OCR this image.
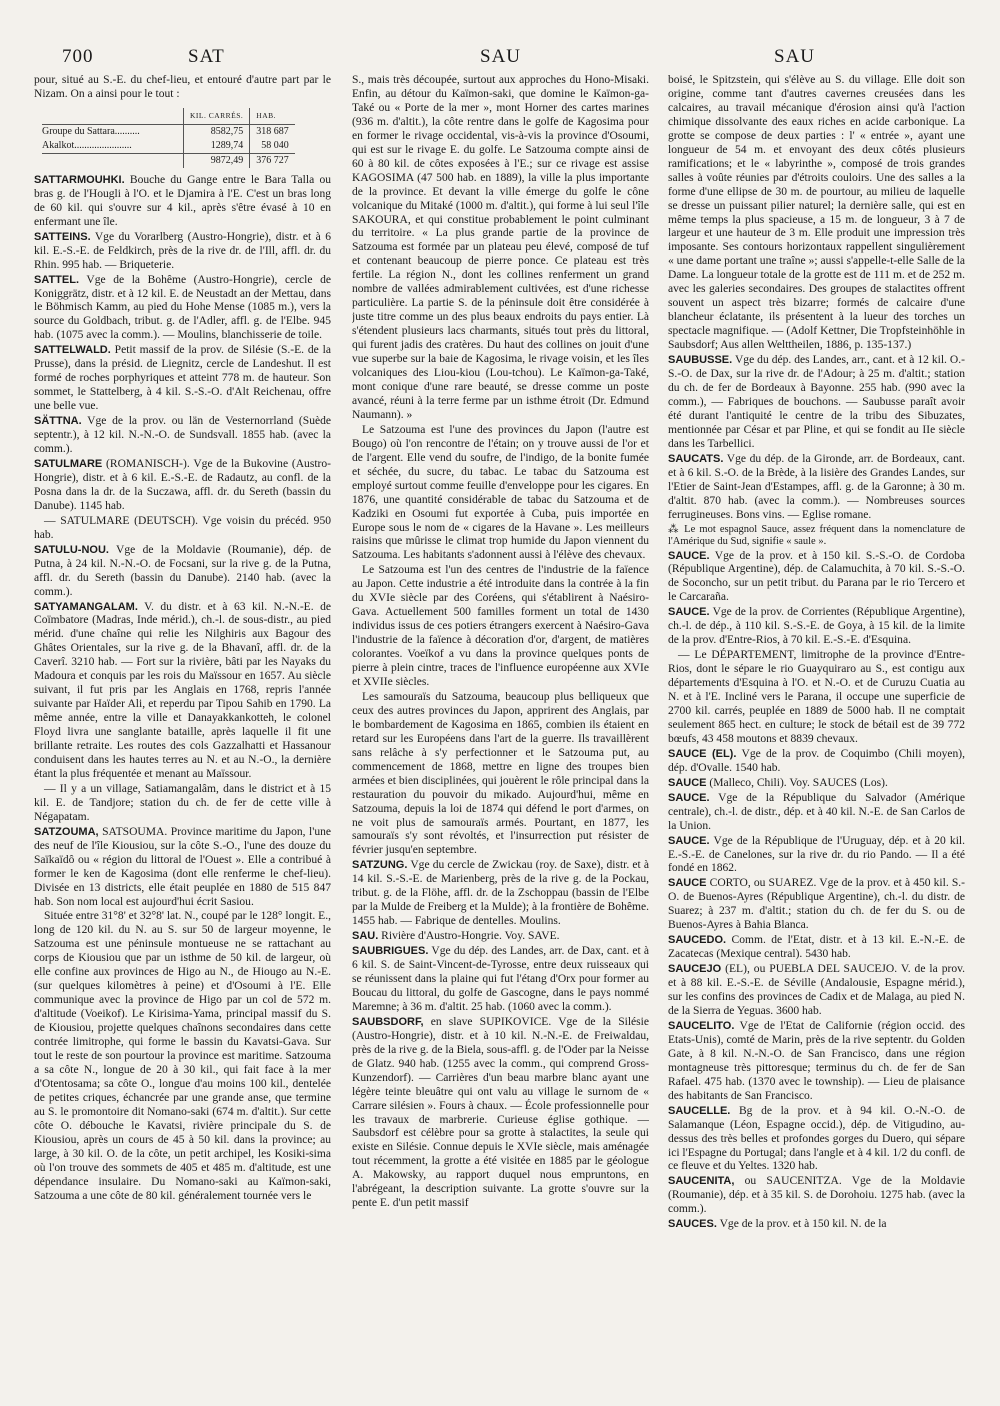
700	SAT	SAU	SAU

pour, situé au S.-E. du chef-lieu, et entouré d'autre part par le Nizam. On a ainsi pour le tout :

	KIL. CARRÉS.	HAB.
Groupe du Sattara..........	8582,75	318 687
Akalkot.......................	1289,74	58 040
	9872,49	376 727

SATTARMOUHKI. Bouche du Gange entre le Bara Talla ou bras g. de l'Hougli à l'O. et le Djamira à l'E. C'est un bras long de 60 kil. qui s'ouvre sur 4 kil., après s'être évasé à 10 en enfermant une île.

SATTEINS. Vge du Vorarlberg (Austro-Hongrie), distr. et à 6 kil. E.-S.-E. de Feldkirch, près de la rive dr. de l'Ill, affl. dr. du Rhin. 995 hab. — Briqueterie.

SATTEL. Vge de la Bohême (Austro-Hongrie), cercle de Koniggrätz, distr. et à 12 kil. E. de Neustadt an der Mettau, dans le Böhmisch Kamm, au pied du Hohe Mense (1085 m.), vers la source du Goldbach, tribut. g. de l'Adler, affl. g. de l'Elbe. 945 hab. (1075 avec la comm.). — Moulins, blanchisserie de toile.

SATTELWALD. Petit massif de la prov. de Silésie (S.-E. de la Prusse), dans la présid. de Liegnitz, cercle de Landeshut. Il est formé de roches porphyriques et atteint 778 m. de hauteur. Son sommet, le Stattelberg, à 4 kil. S.-S.-O. d'Alt Reichenau, offre une belle vue.

SÄTTNA. Vge de la prov. ou län de Vesternorrland (Suède septentr.), à 12 kil. N.-N.-O. de Sundsvall. 1855 hab. (avec la comm.).

SATULMARE (ROMANISCH-). Vge de la Bukovine (Austro-Hongrie), distr. et à 6 kil. E.-S.-E. de Radautz, au confl. de la Posna dans la dr. de la Suczawa, affl. dr. du Sereth (bassin du Danube). 1145 hab.

— SATULMARE (DEUTSCH). Vge voisin du précéd. 950 hab.

SATULU-NOU. Vge de la Moldavie (Roumanie), dép. de Putna, à 24 kil. N.-N.-O. de Focsani, sur la rive g. de la Putna, affl. dr. du Sereth (bassin du Danube). 2140 hab. (avec la comm.).

SATYAMANGALAM. V. du distr. et à 63 kil. N.-N.-E. de Coïmbatore (Madras, Inde mérid.), ch.-l. de sous-distr., au pied mérid. d'une chaîne qui relie les Nilghiris aux Bagour des Ghâtes Orientales, sur la rive g. de la Bhavanî, affl. dr. de la Caverî. 3210 hab. — Fort sur la rivière, bâti par les Nayaks du Madoura et conquis par les rois du Maïssour en 1657. Au siècle suivant, il fut pris par les Anglais en 1768, repris l'année suivante par Haïder Ali, et reperdu par Tipou Sahib en 1790. La même année, entre la ville et Danayakkankotteh, le colonel Floyd livra une sanglante bataille, après laquelle il fit une brillante retraite. Les routes des cols Gazzalhatti et Hassanour conduisent dans les hautes terres au N. et au N.-O., la dernière étant la plus fréquentée et menant au Maïssour.

— Il y a un village, Satiamangalâm, dans le district et à 15 kil. E. de Tandjore; station du ch. de fer de cette ville à Négapatam.

SATZOUMA, SATSOUMA. Province maritime du Japon, l'une des neuf de l'île Kiousiou, sur la côte S.-O., l'une des douze du Saïkaïdô ou « région du littoral de l'Ouest ». Elle a contribué à former le ken de Kagosima (dont elle renferme le chef-lieu). Divisée en 13 districts, elle était peuplée en 1880 de 515 847 hab. Son nom local est aujourd'hui écrit Sasiou.

Située entre 31°8' et 32°8' lat. N., coupé par le 128° longit. E., long de 120 kil. du N. au S. sur 50 de largeur moyenne, le Satzouma est une péninsule montueuse ne se rattachant au corps de Kiousiou que par un isthme de 50 kil. de largeur, où elle confine aux provinces de Higo au N., de Hiougo au N.-E. (sur quelques kilomètres à peine) et d'Osoumi à l'E. Elle communique avec la province de Higo par un col de 572 m. d'altitude (Voeikof). Le Kirisima-Yama, principal massif du S. de Kiousiou, projette quelques chaînons secondaires dans cette contrée limitrophe, qui forme le bassin du Kavatsi-Gava. Sur tout le reste de son pourtour la province est maritime. Satzouma a sa côte N., longue de 20 à 30 kil., qui fait face à la mer d'Otentosama; sa côte O., longue d'au moins 100 kil., dentelée de petites criques, échancrée par une grande anse, que termine au S. le promontoire dit Nomano-saki (674 m. d'altit.). Sur cette côte O. débouche le Kavatsi, rivière principale du S. de Kiousiou, après un cours de 45 à 50 kil. dans la province; au large, à 30 kil. O. de la côte, un petit archipel, les Kosiki-sima où l'on trouve des sommets de 405 et 485 m. d'altitude, est une dépendance insulaire. Du Nomano-saki au Kaïmon-saki, Satzouma a une côte de 80 kil. généralement tournée vers le

S., mais très découpée, surtout aux approches du Hono-Misaki. Enfin, au détour du Kaïmon-saki, que domine le Kaïmon-ga-Také ou « Porte de la mer », mont Horner des cartes marines (936 m. d'altit.), la côte rentre dans le golfe de Kagosima pour en former le rivage occidental, vis-à-vis la province d'Osoumi, qui est sur le rivage E. du golfe. Le Satzouma compte ainsi de 60 à 80 kil. de côtes exposées à l'E.; sur ce rivage est assise KAGOSIMA (47 500 hab. en 1889), la ville la plus importante de la province. Et devant la ville émerge du golfe le cône volcanique du Mitaké (1000 m. d'altit.), qui forme à lui seul l'île SAKOURA, et qui constitue probablement le point culminant du territoire. « La plus grande partie de la province de Satzouma est formée par un plateau peu élevé, composé de tuf et contenant beaucoup de pierre ponce. Ce plateau est très fertile. La région N., dont les collines renferment un grand nombre de vallées admirablement cultivées, est d'une richesse particulière. La partie S. de la péninsule doit être considérée à juste titre comme un des plus beaux endroits du pays entier. Là s'étendent plusieurs lacs charmants, situés tout près du littoral, qui furent jadis des cratères. Du haut des collines on jouit d'une vue superbe sur la baie de Kagosima, le rivage voisin, et les îles volcaniques des Liou-kiou (Lou-tchou). Le Kaïmon-ga-Také, mont conique d'une rare beauté, se dresse comme un poste avancé, réuni à la terre ferme par un isthme étroit (Dr. Edmund Naumann). »

Le Satzouma est l'une des provinces du Japon (l'autre est Bougo) où l'on rencontre de l'étain; on y trouve aussi de l'or et de l'argent. Elle vend du soufre, de l'indigo, de la bonite fumée et séchée, du sucre, du tabac. Le tabac du Satzouma est employé surtout comme feuille d'enveloppe pour les cigares. En 1876, une quantité considérable de tabac du Satzouma et de Kadziki en Osoumi fut exportée à Cuba, puis importée en Europe sous le nom de « cigares de la Havane ». Les meilleurs raisins que mûrisse le climat trop humide du Japon viennent du Satzouma. Les habitants s'adonnent aussi à l'élève des chevaux.

Le Satzouma est l'un des centres de l'industrie de la faïence au Japon. Cette industrie a été introduite dans la contrée à la fin du XVIe siècle par des Coréens, qui s'établirent à Naésiro-Gava. Actuellement 500 familles forment un total de 1430 individus issus de ces potiers étrangers exercent à Naésiro-Gava l'industrie de la faïence à décoration d'or, d'argent, de matières colorantes. Voeïkof a vu dans la province quelques ponts de pierre à plein cintre, traces de l'influence européenne aux XVIe et XVIIe siècles.

Les samouraïs du Satzouma, beaucoup plus belliqueux que ceux des autres provinces du Japon, apprirent des Anglais, par le bombardement de Kagosima en 1865, combien ils étaient en retard sur les Européens dans l'art de la guerre. Ils travaillèrent sans relâche à s'y perfectionner et le Satzouma put, au commencement de 1868, mettre en ligne des troupes bien armées et bien disciplinées, qui jouèrent le rôle principal dans la restauration du pouvoir du mikado. Aujourd'hui, même en Satzouma, depuis la loi de 1874 qui défend le port d'armes, on ne voit plus de samouraïs armés. Pourtant, en 1877, les samouraïs s'y sont révoltés, et l'insurrection put résister de février jusqu'en septembre.

SATZUNG. Vge du cercle de Zwickau (roy. de Saxe), distr. et à 14 kil. S.-S.-E. de Marienberg, près de la rive g. de la Pockau, tribut. g. de la Flöhe, affl. dr. de la Zschoppau (bassin de l'Elbe par la Mulde de Freiberg et la Mulde); à la frontière de Bohême. 1455 hab. — Fabrique de dentelles. Moulins.

SAU. Rivière d'Austro-Hongrie. Voy. SAVE.

SAUBRIGUES. Vge du dép. des Landes, arr. de Dax, cant. et à 6 kil. S. de Saint-Vincent-de-Tyrosse, entre deux ruisseaux qui se réunissent dans la plaine qui fut l'étang d'Orx pour former au Boucau du littoral, du golfe de Gascogne, dans le pays nommé Maremne; à 36 m. d'altit. 25 hab. (1060 avec la comm.).

SAUBSDORF, en slave SUPIKOVICE. Vge de la Silésie (Austro-Hongrie), distr. et à 10 kil. N.-N.-E. de Freiwaldau, près de la rive g. de la Biela, sous-affl. g. de l'Oder par la Neisse de Glatz. 940 hab. (1255 avec la comm., qui comprend Gross-Kunzendorf). — Carrières d'un beau marbre blanc ayant une légère teinte bleuâtre qui ont valu au village le surnom de « Carrare silésien ». Fours à chaux. — École professionnelle pour les travaux de marbrerie. Curieuse église gothique. — Saubsdorf est célèbre pour sa grotte à stalactites, la seule qui existe en Silésie. Connue depuis le XVIe siècle, mais aménagée tout récemment, la grotte a été visitée en 1885 par le géologue A. Makowsky, au rapport duquel nous empruntons, en l'abrégeant, la description suivante. La grotte s'ouvre sur la pente E. d'un petit massif

boisé, le Spitzstein, qui s'élève au S. du village. Elle doit son origine, comme tant d'autres cavernes creusées dans les calcaires, au travail mécanique d'érosion ainsi qu'à l'action chimique dissolvante des eaux riches en acide carbonique. La grotte se compose de deux parties : l' « entrée », ayant une longueur de 54 m. et envoyant des deux côtés plusieurs ramifications; et le « labyrinthe », composé de trois grandes salles à voûte réunies par d'étroits couloirs. Une des salles a la forme d'une ellipse de 30 m. de pourtour, au milieu de laquelle se dresse un puissant pilier naturel; la dernière salle, qui est en même temps la plus spacieuse, a 15 m. de longueur, 3 à 7 de largeur et une hauteur de 3 m. Elle produit une impression très imposante. Ses contours horizontaux rappellent singulièrement « une dame portant une traîne »; aussi s'appelle-t-elle Salle de la Dame. La longueur totale de la grotte est de 111 m. et de 252 m. avec les galeries secondaires. Des groupes de stalactites offrent souvent un aspect très bizarre; formés de calcaire d'une blancheur éclatante, ils présentent à la lueur des torches un spectacle magnifique. — (Adolf Kettner, Die Tropfsteinhöhle in Saubsdorf; Aus allen Welttheilen, 1886, p. 135-137.)

SAUBUSSE. Vge du dép. des Landes, arr., cant. et à 12 kil. O.-S.-O. de Dax, sur la rive dr. de l'Adour; à 25 m. d'altit.; station du ch. de fer de Bordeaux à Bayonne. 255 hab. (990 avec la comm.), — Fabriques de bouchons. — Saubusse paraît avoir été durant l'antiquité le centre de la tribu des Sibuzates, mentionnée par César et par Pline, et qui se fondit au IIe siècle dans les Tarbellici.

SAUCATS. Vge du dép. de la Gironde, arr. de Bordeaux, cant. et à 6 kil. S.-O. de la Brède, à la lisière des Grandes Landes, sur l'Etier de Saint-Jean d'Estampes, affl. g. de la Garonne; à 30 m. d'altit. 870 hab. (avec la comm.). — Nombreuses sources ferrugineuses. Bons vins. — Eglise romane.

⁂ Le mot espagnol Sauce, assez fréquent dans la nomenclature de l'Amérique du Sud, signifie « saule ».

SAUCE. Vge de la prov. et à 150 kil. S.-S.-O. de Cordoba (République Argentine), dép. de Calamuchita, à 70 kil. S.-S.-O. de Soconcho, sur un petit tribut. du Parana par le rio Tercero et le Carcaraña.

SAUCE. Vge de la prov. de Corrientes (République Argentine), ch.-l. de dép., à 110 kil. S.-S.-E. de Goya, à 15 kil. de la limite de la prov. d'Entre-Rios, à 70 kil. E.-S.-E. d'Esquina.

— Le DÉPARTEMENT, limitrophe de la province d'Entre-Rios, dont le sépare le rio Guayquiraro au S., est contigu aux départements d'Esquina à l'O. et N.-O. et de Curuzu Cuatia au N. et à l'E. Incliné vers le Parana, il occupe une superficie de 2700 kil. carrés, peuplée en 1889 de 5000 hab. Il ne comptait seulement 865 hect. en culture; le stock de bétail est de 39 772 bœufs, 43 458 moutons et 8839 chevaux.

SAUCE (EL). Vge de la prov. de Coquimbo (Chili moyen), dép. d'Ovalle. 1540 hab.

SAUCE (Malleco, Chili). Voy. SAUCES (Los).

SAUCE. Vge de la République du Salvador (Amérique centrale), ch.-l. de distr., dép. et à 40 kil. N.-E. de San Carlos de la Union.

SAUCE. Vge de la République de l'Uruguay, dép. et à 20 kil. E.-S.-E. de Canelones, sur la rive dr. du rio Pando. — Il a été fondé en 1862.

SAUCE CORTO, ou SUAREZ. Vge de la prov. et à 450 kil. S.-O. de Buenos-Ayres (République Argentine), ch.-l. du distr. de Suarez; à 237 m. d'altit.; station du ch. de fer du S. ou de Buenos-Ayres à Bahia Blanca.

SAUCEDO. Comm. de l'Etat, distr. et à 13 kil. E.-N.-E. de Zacatecas (Mexique central). 5430 hab.

SAUCEJO (EL), ou PUEBLA DEL SAUCEJO. V. de la prov. et à 88 kil. E.-S.-E. de Séville (Andalousie, Espagne mérid.), sur les confins des provinces de Cadix et de Malaga, au pied N. de la Sierra de Yeguas. 3600 hab.

SAUCELITO. Vge de l'Etat de Californie (région occid. des Etats-Unis), comté de Marin, près de la rive septentr. du Golden Gate, à 8 kil. N.-N.-O. de San Francisco, dans une région montagneuse très pittoresque; terminus du ch. de fer de San Rafael. 475 hab. (1370 avec le township). — Lieu de plaisance des habitants de San Francisco.

SAUCELLE. Bg de la prov. et à 94 kil. O.-N.-O. de Salamanque (Léon, Espagne occid.), dép. de Vitigudino, au-dessus des très belles et profondes gorges du Duero, qui sépare ici l'Espagne du Portugal; dans l'angle et à 4 kil. 1/2 du confl. de ce fleuve et du Yeltes. 1320 hab.

SAUCENITA, ou SAUCENITZA. Vge de la Moldavie (Roumanie), dép. et à 35 kil. S. de Dorohoiu. 1275 hab. (avec la comm.).

SAUCES. Vge de la prov. et à 150 kil. N. de la
